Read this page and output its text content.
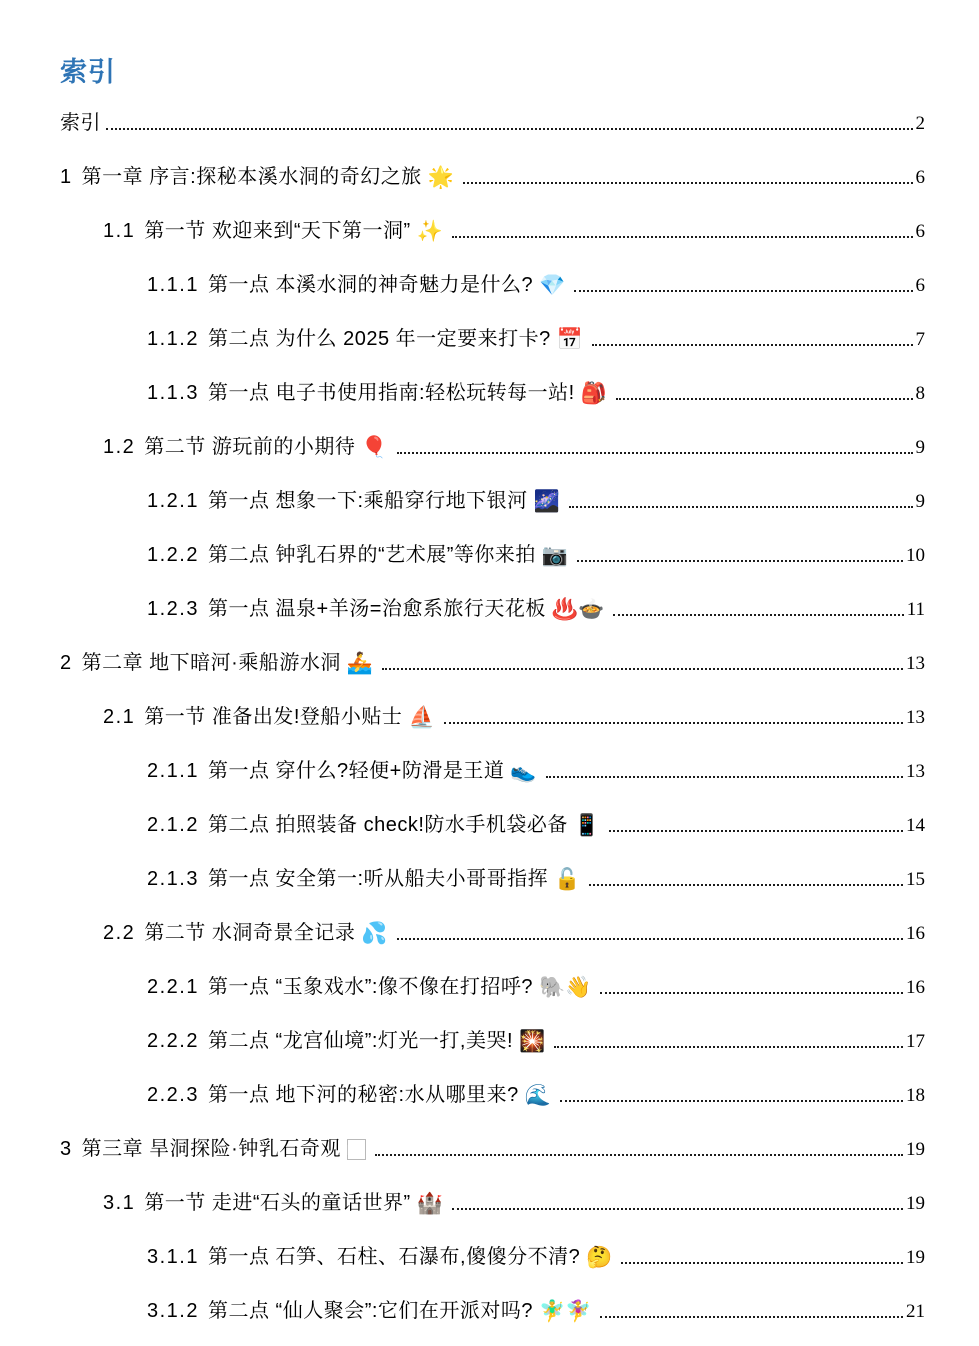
索引
索引	2
1 第一章 序言:探秘本溪水洞的奇幻之旅 🌟	6
1.1 第一节 欢迎来到“天下第一洞” ✨	6
1.1.1 第一点 本溪水洞的神奇魅力是什么? 💎	6
1.1.2 第二点 为什么 2025 年一定要来打卡? 📅	7
1.1.3 第一点 电子书使用指南:轻松玩转每一站! 🎒	8
1.2 第二节 游玩前的小期待 🎈	9
1.2.1 第一点 想象一下:乘船穿行地下银河 🌌	9
1.2.2 第二点 钟乳石界的“艺术展”等你来拍 📷	10
1.2.3 第一点 温泉+羊汤=治愈系旅行天花板 ♨️🍲	11
2 第二章 地下暗河·乘船游水洞 🚣	13
2.1 第一节 准备出发!登船小贴士 ⛵	13
2.1.1 第一点 穿什么?轻便+防滑是王道 👟	13
2.1.2 第二点 拍照装备 check!防水手机袋必备 📱	14
2.1.3 第一点 安全第一:听从船夫小哥哥指挥 🔓	15
2.2 第二节 水洞奇景全记录 💦	16
2.2.1 第一点 “玉象戏水”:像不像在打招呼? 🐘👋	16
2.2.2 第二点 “龙宫仙境”:灯光一打,美哭! 🎇	17
2.2.3 第一点 地下河的秘密:水从哪里来? 🌊	18
3 第三章 旱洞探险·钟乳石奇观 □	19
3.1 第一节 走进“石头的童话世界” 🏰	19
3.1.1 第一点 石笋、石柱、石瀑布,傻傻分不清? 🤔	19
3.1.2 第二点 “仙人聚会”:它们在开派对吗? 🧚‍♂️🧚‍♀️	21
